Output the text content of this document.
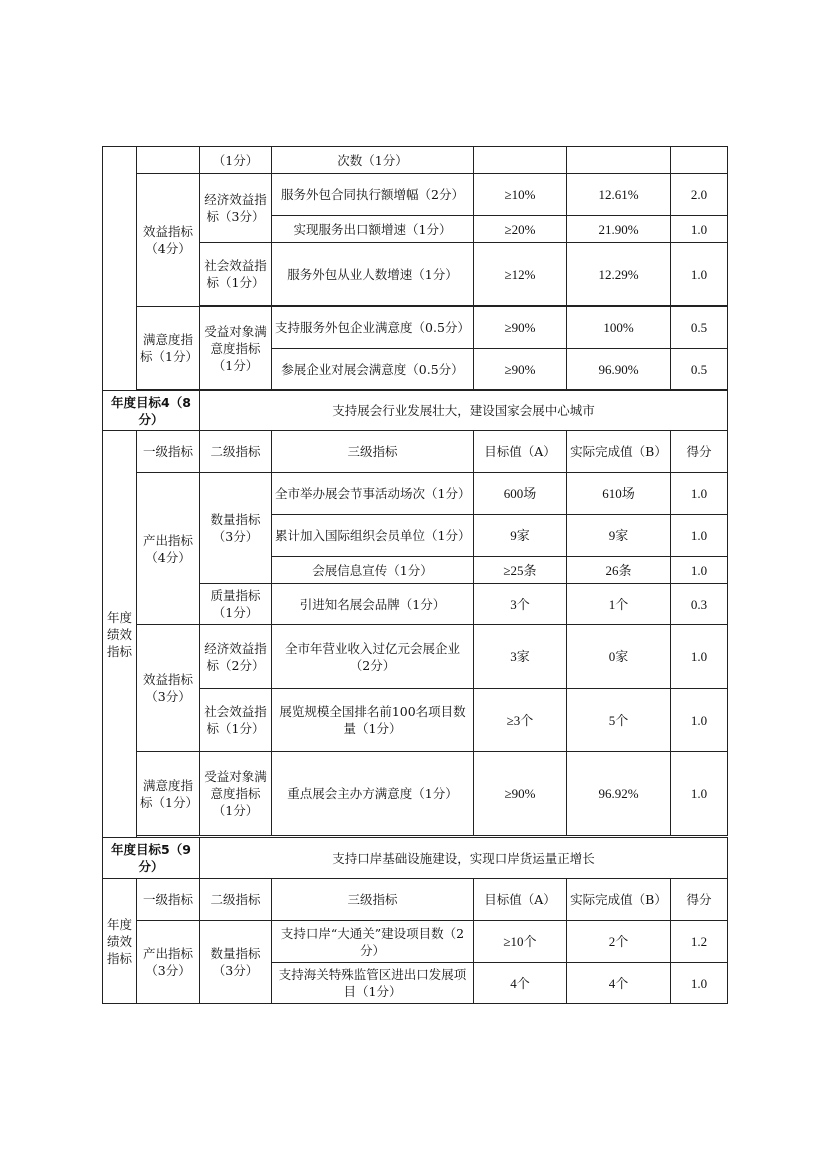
		（1分）	次数（1分）			
	效益指标（4分）	经济效益指标（3分）	服务外包合同执行额增幅（2分）	≥10%	12.61%	2.0
			实现服务出口额增速（1分）	≥20%	21.90%	1.0
		社会效益指标（1分）	服务外包从业人数增速（1分）	≥12%	12.29%	1.0

	满意度指标（1分）	受益对象满意度指标（1分）	支持服务外包企业满意度（0.5分）	≥90%	100%	0.5
			参展企业对展会满意度（0.5分）	≥90%	96.90%	0.5

年度目标4（8分）		支持展会行业发展壮大，建设国家会展中心城市				
年度绩效指标	一级指标	二级指标	三级指标	目标值（A）	实际完成值（B）	得分
	产出指标（4分）	数量指标（3分）	全市举办展会节事活动场次（1分）	600场	610场	1.0
			累计加入国际组织会员单位（1分）	9家	9家	1.0
			会展信息宣传（1分）	≥25条	26条	1.0
		质量指标（1分）	引进知名展会品牌（1分）	3个	1个	0.3
	效益指标（3分）	经济效益指标（2分）	全市年营业收入过亿元会展企业（2分）	3家	0家	1.0
		社会效益指标（1分）	展览规模全国排名前100名项目数量（1分）	≥3个	5个	1.0
	满意度指标（1分）	受益对象满意度指标（1分）	重点展会主办方满意度（1分）	≥90%	96.92%	1.0

年度目标5（9分）		支持口岸基础设施建设，实现口岸货运量正增长				
年度绩效指标	一级指标	二级指标	三级指标	目标值（A）	实际完成值（B）	得分
	产出指标（3分）	数量指标（3分）	支持口岸“大通关”建设项目数（2分）	≥10个	2个	1.2
			支持海关特殊监管区进出口发展项目（1分）	4个	4个	1.0
